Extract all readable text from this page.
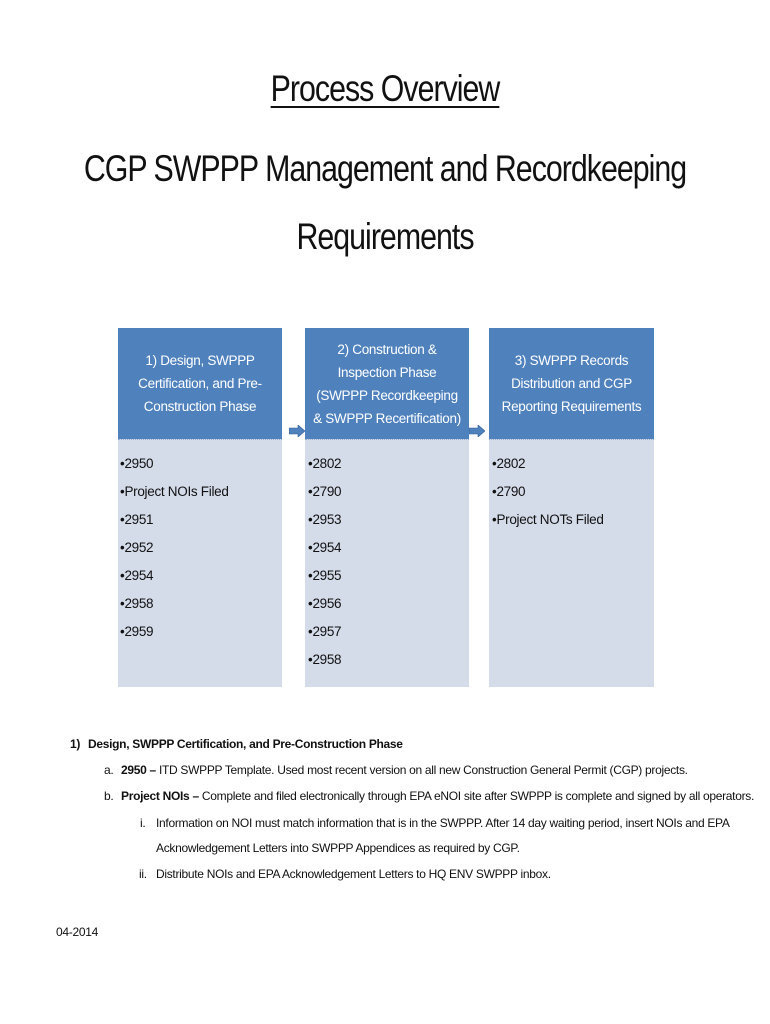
Process Overview
CGP SWPPP Management and Recordkeeping
Requirements
1) Design, SWPPP Certification, and Pre-Construction Phase
• 2950
• Project NOIs Filed
• 2951
• 2952
• 2954
• 2958
• 2959
2) Construction & Inspection Phase (SWPPP Recordkeeping & SWPPP Recertification)
• 2802
• 2790
• 2953
• 2954
• 2955
• 2956
• 2957
• 2958
3) SWPPP Records Distribution and CGP Reporting Requirements
• 2802
• 2790
• Project NOTs Filed
1) Design, SWPPP Certification, and Pre-Construction Phase
a. 2950 – ITD SWPPP Template. Used most recent version on all new Construction General Permit (CGP) projects.
b. Project NOIs – Complete and filed electronically through EPA eNOI site after SWPPP is complete and signed by all operators.
i. Information on NOI must match information that is in the SWPPP. After 14 day waiting period, insert NOIs and EPA
Acknowledgement Letters into SWPPP Appendices as required by CGP.
ii. Distribute NOIs and EPA Acknowledgement Letters to HQ ENV SWPPP inbox.
04-2014
